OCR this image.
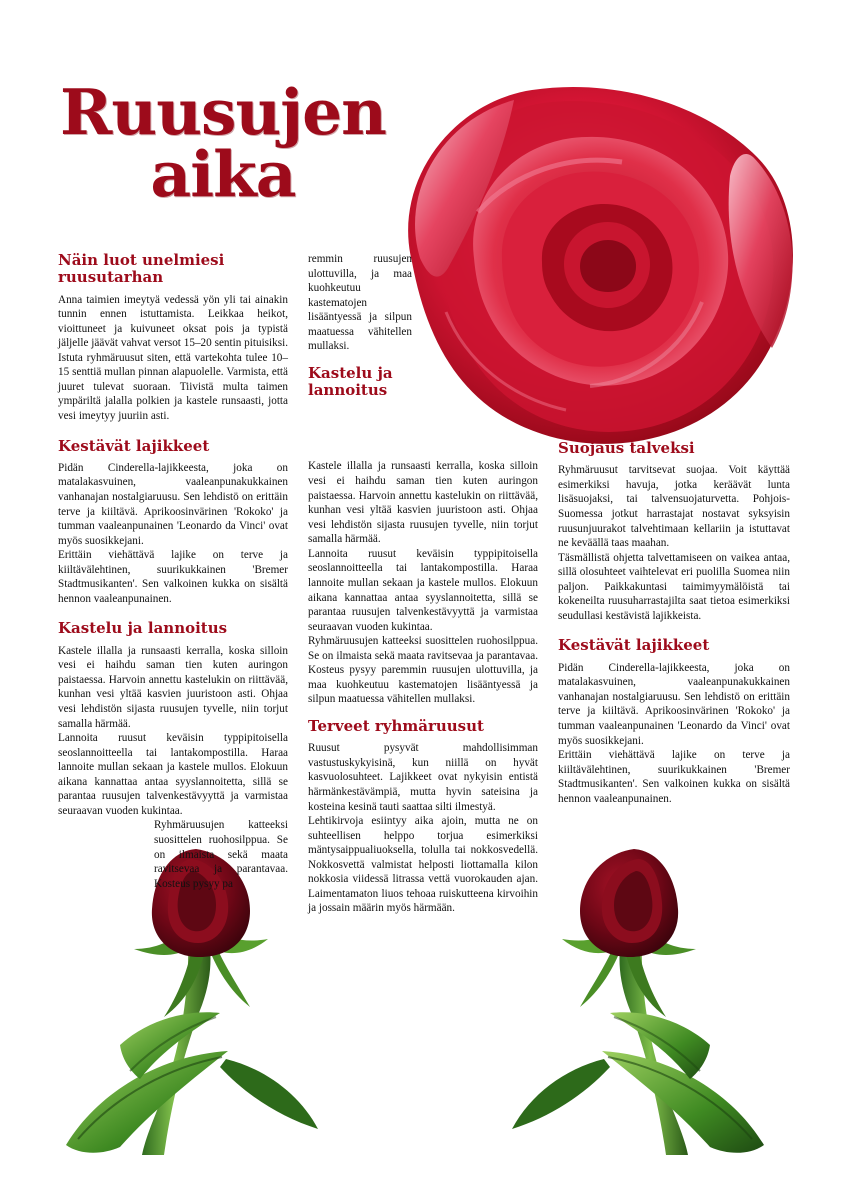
Ruusujen
aika
Näin luot unelmiesi
ruusutarhan

Anna taimien imeytyä vedessä yön yli tai ainakin tunnin ennen istuttamista. Leikkaa heikot, vioittuneet ja kuivuneet oksat pois ja typistä jäljelle jäävät vahvat versot 15–20 sentin pituisiksi. Istuta ryhmäruusut siten, että vartekohta tulee 10–15 senttiä mullan pinnan alapuolelle. Varmista, että juuret tulevat suoraan. Tiivistä multa taimen ympäriltä jalalla polkien ja kastele runsaasti, jotta vesi imeytyy juuriin asti.

Kestävät lajikkeet

Pidän Cinderella-lajikkeesta, joka on matalakasvuinen, vaaleanpunakukkainen vanhanajan nostalgiaruusu. Sen lehdistö on erittäin terve ja kiiltävä. Aprikoosinvärinen 'Rokoko' ja tumman vaaleanpunainen 'Leonardo da Vinci' ovat myös suosikkejani.

Erittäin viehättävä lajike on terve ja kiiltävälehtinen, suurikukkainen 'Bremer Stadtmusikanten'. Sen valkoinen kukka on sisältä hennon vaaleanpunainen.

Kastelu ja lannoitus

Kastele illalla ja runsaasti kerralla, koska silloin vesi ei haihdu saman tien kuten auringon paistaessa. Harvoin annettu kastelukin on riittävää, kunhan vesi yltää kasvien juuristoon asti. Ohjaa vesi lehdistön sijasta ruusujen tyvelle, niin torjut samalla härmää.

Lannoita ruusut keväisin typpipitoisella seoslannoitteella tai lantakompostilla. Haraa lannoite mullan sekaan ja kastele mullos. Elokuun aikana kannattaa antaa syyslannoitetta, sillä se parantaa ruusujen talvenkestävyyttä ja varmistaa seuraavan vuoden kukintaa.

Ryhmäruusujen katteeksi suosittelen ruohosilppua. Se on ilmaista sekä maata ravitsevaa ja parantavaa. Kosteus pysyy pa

remmin ruusujen ulottuvilla, ja maa kuohkeutuu kastematojen lisääntyessä ja silpun maatuessa vähitellen mullaksi.

Kastelu ja
lannoitus

Kastele illalla ja runsaasti kerralla, koska silloin vesi ei haihdu saman tien kuten auringon paistaessa. Harvoin annettu kastelukin on riittävää, kunhan vesi yltää kasvien juuristoon asti. Ohjaa vesi lehdistön sijasta ruusujen tyvelle, niin torjut samalla härmää.

Lannoita ruusut keväisin typpipitoisella seoslannoitteella tai lantakompostilla. Haraa lannoite mullan sekaan ja kastele mullos. Elokuun aikana kannattaa antaa syyslannoitetta, sillä se parantaa ruusujen talvenkestävyyttä ja varmistaa seuraavan vuoden kukintaa.

Ryhmäruusujen katteeksi suosittelen ruohosilppua. Se on ilmaista sekä maata ravitsevaa ja parantavaa. Kosteus pysyy paremmin ruusujen ulottuvilla, ja maa kuohkeutuu kastematojen lisääntyessä ja silpun maatuessa vähitellen mullaksi.

Terveet ryhmäruusut

Ruusut pysyvät mahdollisimman vastustuskykyisinä, kun niillä on hyvät kasvuolosuhteet. Lajikkeet ovat nykyisin entistä härmänkestävämpiä, mutta hyvin sateisina ja kosteina kesinä tauti saattaa silti ilmestyä.

Lehtikirvoja esiintyy aika ajoin, mutta ne on suhteellisen helppo torjua esimerkiksi mäntysaippualiuoksella, tolulla tai nokkosvedellä. Nokkosvettä valmistat helposti liottamalla kilon nokkosia viidessä litrassa vettä vuorokauden ajan. Laimentamaton liuos tehoaa ruiskutteena kirvoihin ja jossain määrin myös härmään.

Suojaus talveksi

Ryhmäruusut tarvitsevat suojaa. Voit käyttää esimerkiksi havuja, jotka keräävät lunta lisäsuojaksi, tai talvensuojaturvetta. Pohjois-Suomessa jotkut harrastajat nostavat syksyisin ruusunjuurakot talvehtimaan kellariin ja istuttavat ne keväällä taas maahan.

Täsmällistä ohjetta talvettamiseen on vaikea antaa, sillä olosuhteet vaihtelevat eri puolilla Suomea niin paljon. Paikkakuntasi taimimyymälöistä tai kokeneilta ruusuharrastajilta saat tietoa esimerkiksi seudullasi kestävistä lajikkeista.

Kestävät lajikkeet

Pidän Cinderella-lajikkeesta, joka on matalakasvuinen, vaaleanpunakukkainen vanhanajan nostalgiaruusu. Sen lehdistö on erittäin terve ja kiiltävä. Aprikoosinvärinen 'Rokoko' ja tumman vaaleanpunainen 'Leonardo da Vinci' ovat myös suosikkejani.

Erittäin viehättävä lajike on terve ja kiiltävälehtinen, suurikukkainen 'Bremer Stadtmusikanten'. Sen valkoinen kukka on sisältä hennon vaaleanpunainen.
